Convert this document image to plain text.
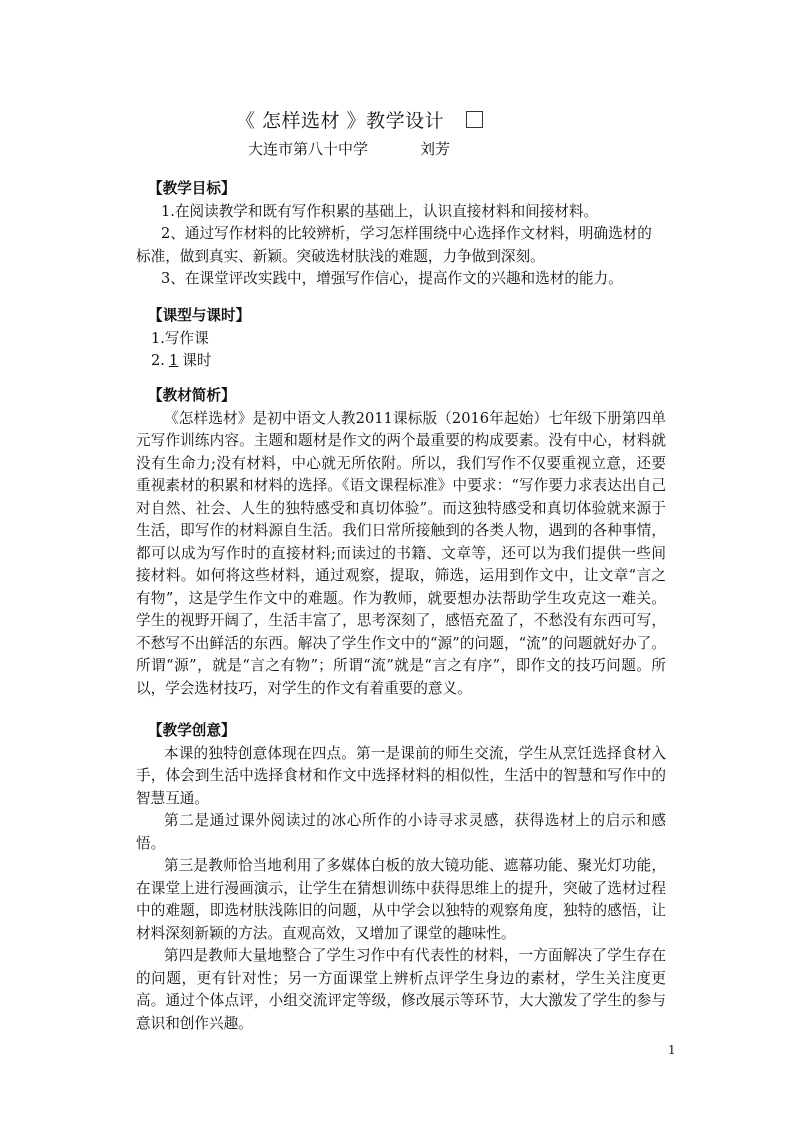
《 怎样选材 》教学设计
大连市第八十中学	刘芳
【教学目标】
1.在阅读教学和既有写作积累的基础上，认识直接材料和间接材料。
2、通过写作材料的比较辨析，学习怎样围绕中心选择作文材料，明确选材的标准，做到真实、新颖。突破选材肤浅的难题，力争做到深刻。
3、在课堂评改实践中，增强写作信心，提高作文的兴趣和选材的能力。
【课型与课时】
1.写作课
2. 1 课时
【教材简析】
《怎样选材》是初中语文人教2011课标版（2016年起始）七年级下册第四单元写作训练内容。主题和题材是作文的两个最重要的构成要素。没有中心，材料就没有生命力;没有材料，中心就无所依附。所以，我们写作不仅要重视立意，还要重视素材的积累和材料的选择。《语文课程标准》中要求：“写作要力求表达出自己对自然、社会、人生的独特感受和真切体验”。而这独特感受和真切体验就来源于生活，即写作的材料源自生活。我们日常所接触到的各类人物，遇到的各种事情，都可以成为写作时的直接材料;而读过的书籍、文章等，还可以为我们提供一些间接材料。如何将这些材料，通过观察，提取，筛选，运用到作文中，让文章“言之有物”，这是学生作文中的难题。作为教师，就要想办法帮助学生攻克这一难关。学生的视野开阔了，生活丰富了，思考深刻了，感悟充盈了，不愁没有东西可写，不愁写不出鲜活的东西。解决了学生作文中的“源”的问题，“流”的问题就好办了。所谓“源”，就是“言之有物”；所谓“流”就是“言之有序”，即作文的技巧问题。所以，学会选材技巧，对学生的作文有着重要的意义。
【教学创意】
本课的独特创意体现在四点。第一是课前的师生交流，学生从烹饪选择食材入手，体会到生活中选择食材和作文中选择材料的相似性，生活中的智慧和写作中的智慧互通。
第二是通过课外阅读过的冰心所作的小诗寻求灵感，获得选材上的启示和感悟。
第三是教师恰当地利用了多媒体白板的放大镜功能、遮幕功能、聚光灯功能，在课堂上进行漫画演示，让学生在猜想训练中获得思维上的提升，突破了选材过程中的难题，即选材肤浅陈旧的问题，从中学会以独特的观察角度，独特的感悟，让材料深刻新颖的方法。直观高效，又增加了课堂的趣味性。
第四是教师大量地整合了学生习作中有代表性的材料，一方面解决了学生存在的问题，更有针对性；另一方面课堂上辨析点评学生身边的素材，学生关注度更高。通过个体点评，小组交流评定等级，修改展示等环节，大大激发了学生的参与意识和创作兴趣。
1
